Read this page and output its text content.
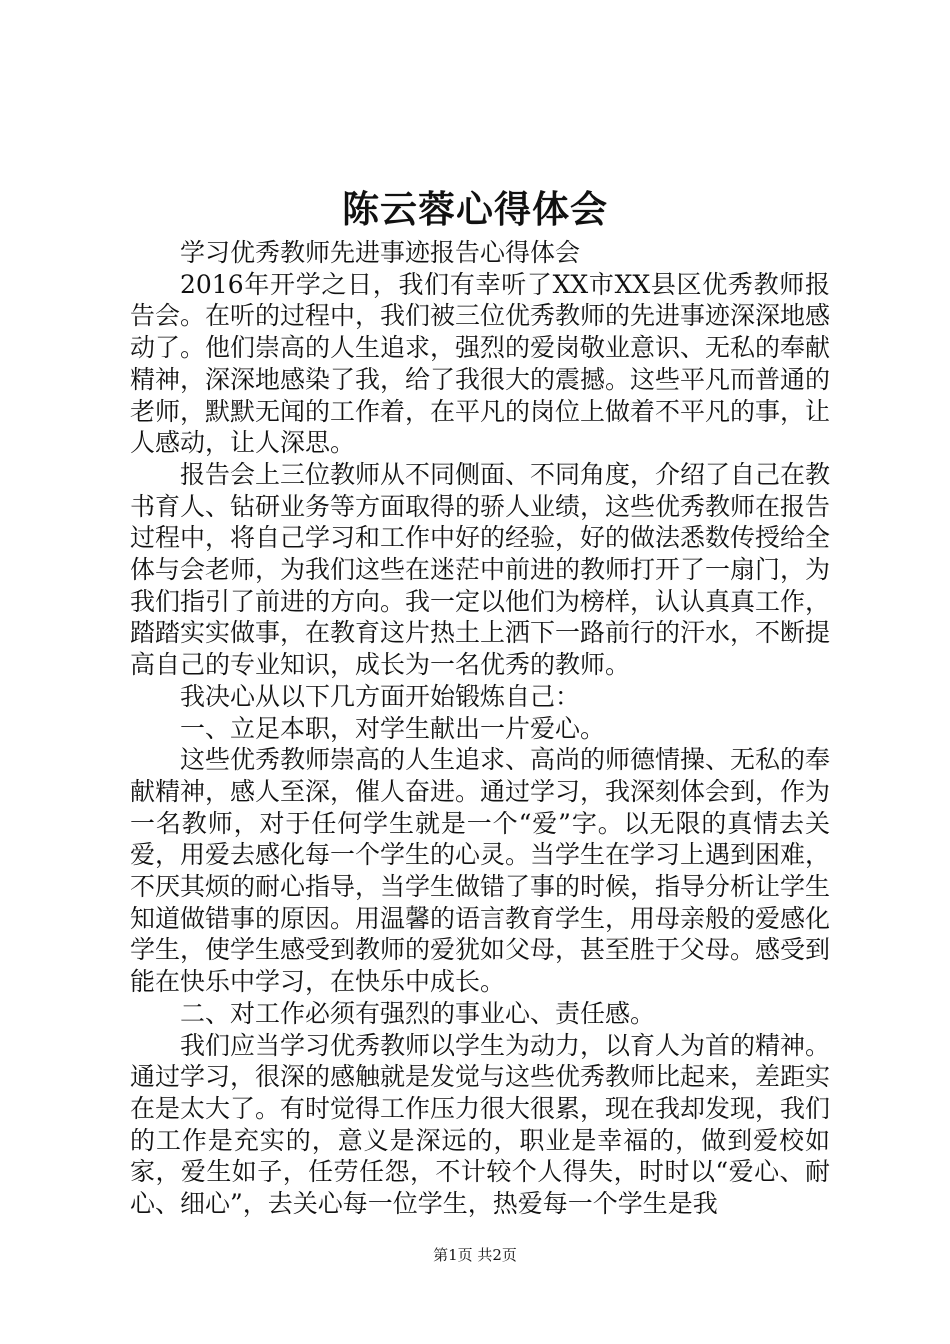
陈云蓉心得体会

学习优秀教师先进事迹报告心得体会

2016年开学之日，我们有幸听了XX市XX县区优秀教师报告会。在听的过程中，我们被三位优秀教师的先进事迹深深地感动了。他们崇高的人生追求，强烈的爱岗敬业意识、无私的奉献精神，深深地感染了我，给了我很大的震撼。这些平凡而普通的老师，默默无闻的工作着，在平凡的岗位上做着不平凡的事，让人感动，让人深思。

报告会上三位教师从不同侧面、不同角度，介绍了自己在教书育人、钻研业务等方面取得的骄人业绩，这些优秀教师在报告过程中，将自己学习和工作中好的经验，好的做法悉数传授给全体与会老师，为我们这些在迷茫中前进的教师打开了一扇门，为我们指引了前进的方向。我一定以他们为榜样，认认真真工作，踏踏实实做事，在教育这片热土上洒下一路前行的汗水，不断提高自己的专业知识，成长为一名优秀的教师。

我决心从以下几方面开始锻炼自己：

一、立足本职，对学生献出一片爱心。

这些优秀教师崇高的人生追求、高尚的师德情操、无私的奉献精神，感人至深，催人奋进。通过学习，我深刻体会到，作为一名教师，对于任何学生就是一个“爱”字。以无限的真情去关爱，用爱去感化每一个学生的心灵。当学生在学习上遇到困难，不厌其烦的耐心指导，当学生做错了事的时候，指导分析让学生知道做错事的原因。用温馨的语言教育学生，用母亲般的爱感化学生，使学生感受到教师的爱犹如父母，甚至胜于父母。感受到能在快乐中学习，在快乐中成长。

二、对工作必须有强烈的事业心、责任感。

我们应当学习优秀教师以学生为动力，以育人为首的精神。通过学习，很深的感触就是发觉与这些优秀教师比起来，差距实在是太大了。有时觉得工作压力很大很累，现在我却发现，我们的工作是充实的，意义是深远的，职业是幸福的，做到爱校如家，爱生如子，任劳任怨，不计较个人得失，时时以“爱心、耐心、细心”，去关心每一位学生，热爱每一个学生是我

第1页 共2页
